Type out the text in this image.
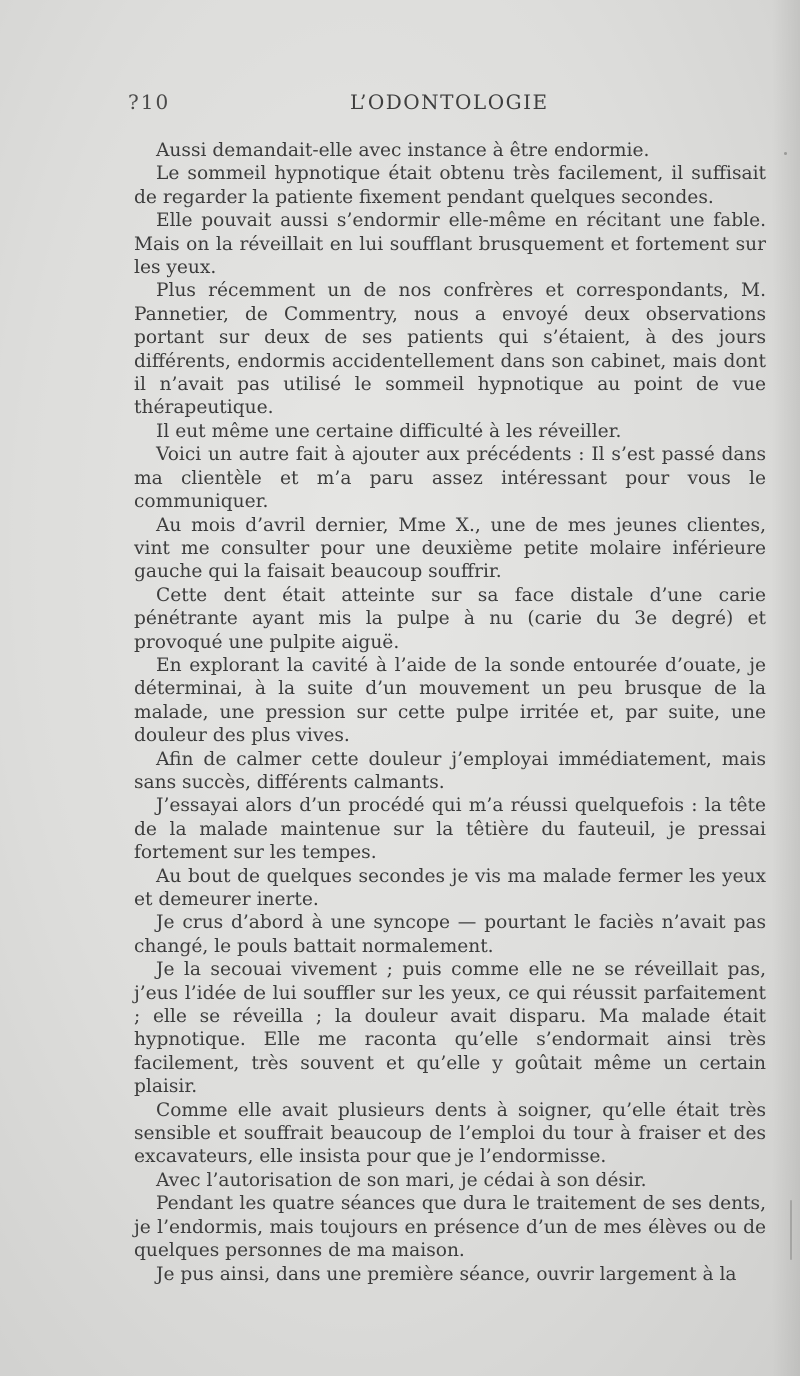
?10	L’ODONTOLOGIE

Aussi demandait-elle avec instance à être endormie.

Le sommeil hypnotique était obtenu très facilement, il suffisait de regarder la patiente fixement pendant quelques secondes.

Elle pouvait aussi s’endormir elle-même en récitant une fable. Mais on la réveillait en lui soufflant brusquement et fortement sur les yeux.

Plus récemment un de nos confrères et correspondants, M. Pannetier, de Commentry, nous a envoyé deux observations portant sur deux de ses patients qui s’étaient, à des jours différents, endormis accidentellement dans son cabinet, mais dont il n’avait pas utilisé le sommeil hypnotique au point de vue thérapeutique.

Il eut même une certaine difficulté à les réveiller.

Voici un autre fait à ajouter aux précédents : Il s’est passé dans ma clientèle et m’a paru assez intéressant pour vous le communiquer.

Au mois d’avril dernier, Mme X., une de mes jeunes clientes, vint me consulter pour une deuxième petite molaire inférieure gauche qui la faisait beaucoup souffrir.

Cette dent était atteinte sur sa face distale d’une carie pénétrante ayant mis la pulpe à nu (carie du 3e degré) et provoqué une pulpite aiguë.

En explorant la cavité à l’aide de la sonde entourée d’ouate, je déterminai, à la suite d’un mouvement un peu brusque de la malade, une pression sur cette pulpe irritée et, par suite, une douleur des plus vives.

Afin de calmer cette douleur j’employai immédiatement, mais sans succès, différents calmants.

J’essayai alors d’un procédé qui m’a réussi quelquefois : la tête de la malade maintenue sur la têtière du fauteuil, je pressai fortement sur les tempes.

Au bout de quelques secondes je vis ma malade fermer les yeux et demeurer inerte.

Je crus d’abord à une syncope — pourtant le faciès n’avait pas changé, le pouls battait normalement.

Je la secouai vivement ; puis comme elle ne se réveillait pas, j’eus l’idée de lui souffler sur les yeux, ce qui réussit parfaitement ; elle se réveilla ; la douleur avait disparu. Ma malade était hypnotique. Elle me raconta qu’elle s’endormait ainsi très facilement, très souvent et qu’elle y goûtait même un certain plaisir.

Comme elle avait plusieurs dents à soigner, qu’elle était très sensible et souffrait beaucoup de l’emploi du tour à fraiser et des excavateurs, elle insista pour que je l’endormisse.

Avec l’autorisation de son mari, je cédai à son désir.

Pendant les quatre séances que dura le traitement de ses dents, je l’endormis, mais toujours en présence d’un de mes élèves ou de quelques personnes de ma maison.

Je pus ainsi, dans une première séance, ouvrir largement à la
